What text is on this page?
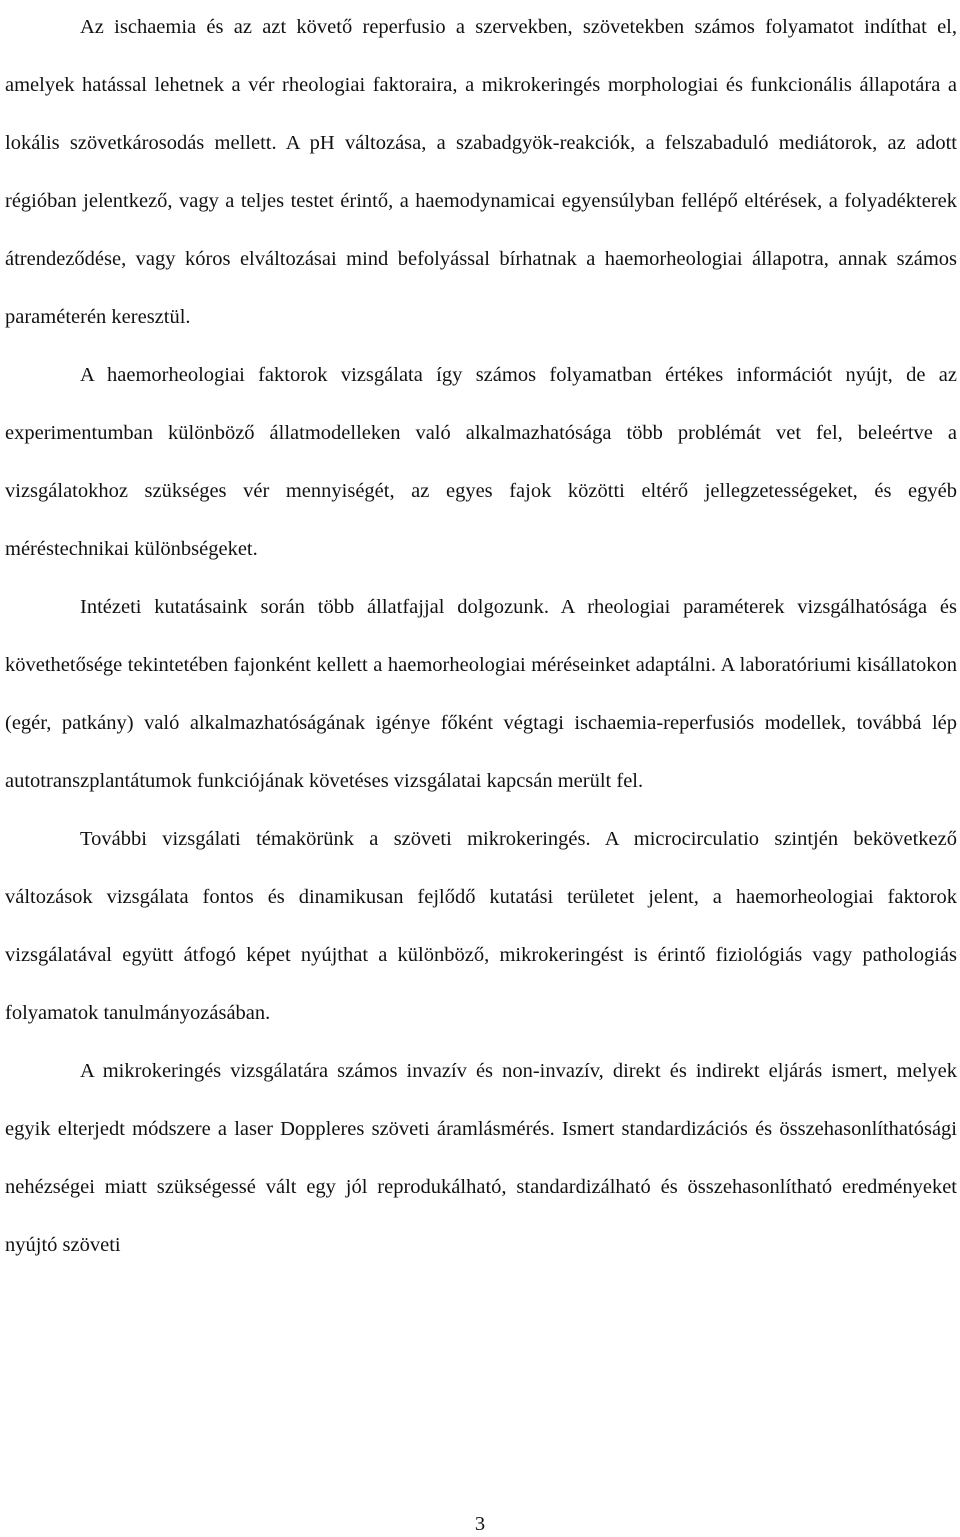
Az ischaemia és az azt követő reperfusio a szervekben, szövetekben számos folyamatot indíthat el, amelyek hatással lehetnek a vér rheologiai faktoraira, a mikrokeringés morphologiai és funkcionális állapotára a lokális szövetkárosodás mellett. A pH változása, a szabadgyök-reakciók, a felszabaduló mediátorok, az adott régióban jelentkező, vagy a teljes testet érintő, a haemodynamicai egyensúlyban fellépő eltérések, a folyadékterek átrendeződése, vagy kóros elváltozásai mind befolyással bírhatnak a haemorheologiai állapotra, annak számos paraméterén keresztül.

A haemorheologiai faktorok vizsgálata így számos folyamatban értékes információt nyújt, de az experimentumban különböző állatmodelleken való alkalmazhatósága több problémát vet fel, beleértve a vizsgálatokhoz szükséges vér mennyiségét, az egyes fajok közötti eltérő jellegzetességeket, és egyéb méréstechnikai különbségeket.

Intézeti kutatásaink során több állatfajjal dolgozunk. A rheologiai paraméterek vizsgálhatósága és követhetősége tekintetében fajonként kellett a haemorheologiai méréseinket adaptálni. A laboratóriumi kisállatokon (egér, patkány) való alkalmazhatóságának igénye főként végtagi ischaemia-reperfusiós modellek, továbbá lép autotranszplantátumok funkciójának követéses vizsgálatai kapcsán merült fel.

További vizsgálati témakörünk a szöveti mikrokeringés. A microcirculatio szintjén bekövetkező változások vizsgálata fontos és dinamikusan fejlődő kutatási területet jelent, a haemorheologiai faktorok vizsgálatával együtt átfogó képet nyújthat a különböző, mikrokeringést is érintő fiziológiás vagy pathologiás folyamatok tanulmányozásában.

A mikrokeringés vizsgálatára számos invazív és non-invazív, direkt és indirekt eljárás ismert, melyek egyik elterjedt módszere a laser Doppleres szöveti áramlásmérés. Ismert standardizációs és összehasonlíthatósági nehézségei miatt szükségessé vált egy jól reprodukálható, standardizálható és összehasonlítható eredményeket nyújtó szöveti

3
